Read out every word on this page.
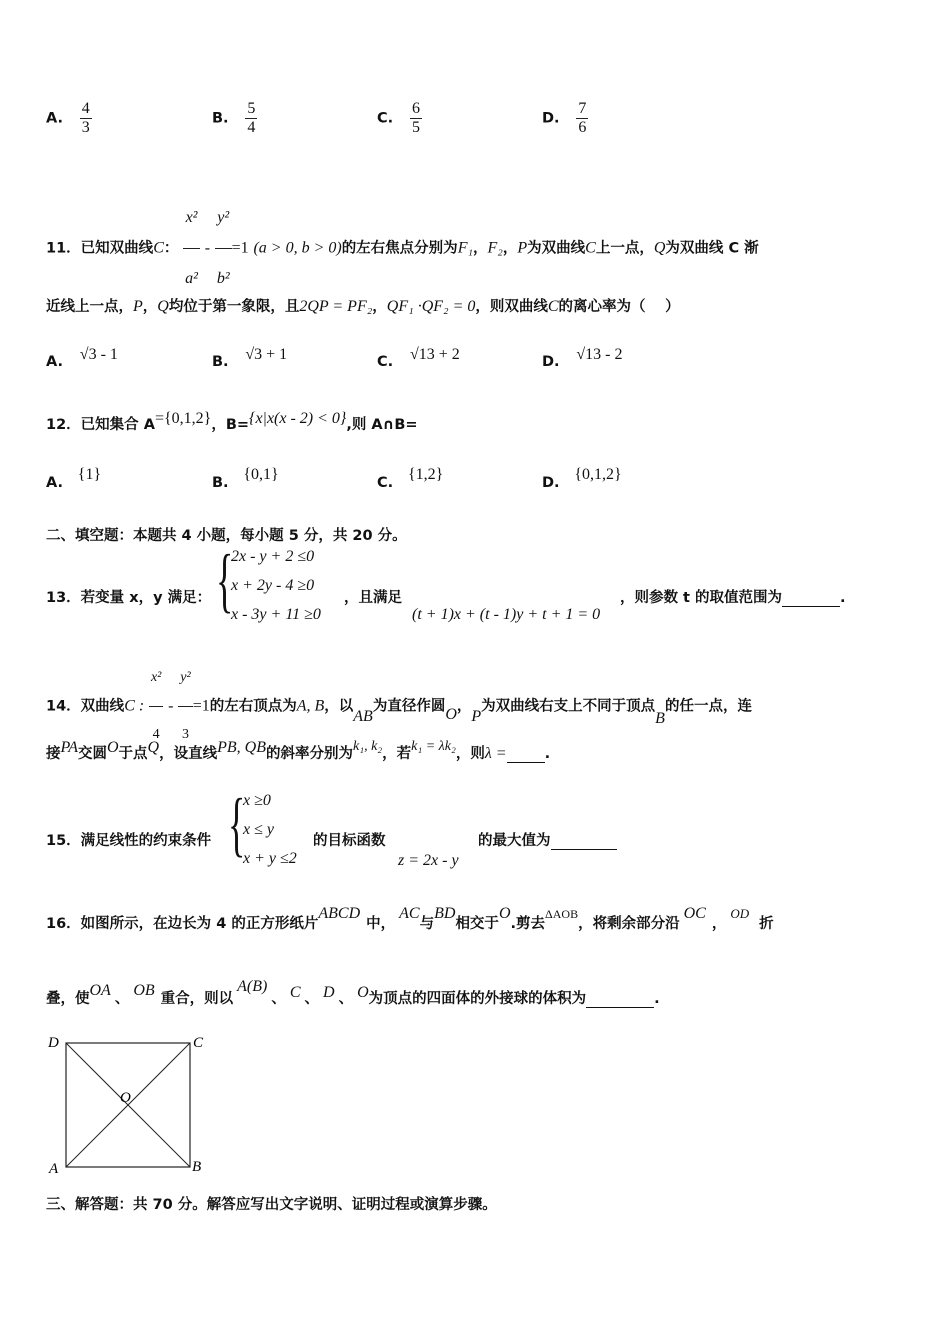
A. $\frac{4}{3}$	B. $\frac{5}{4}$	C. $\frac{6}{5}$	D. $\frac{7}{6}$
11．已知双曲线C： $\frac{\text{x²}}{\text{a²}} - \frac{\text{y²}}{\text{b²}} =1$ (a > 0, b > 0)的左右焦点分别为F₁，F₂，P为双曲线C上一点，Q为双曲线 C 渐
近线上一点，P，Q均位于第一象限，且2QP = PF₂，QF₁ ·QF₂ = 0，则双曲线C的离心率为（　 ）
A. √3 - 1	B. √3 + 1	C. √13 + 2	D. √13 - 2
12．已知集合 A={0,1,2}，B={x|x(x - 2) < 0},则 A∩B=
A. {1}	B. {0,1}	C. {1,2}	D. {0,1,2}
二、填空题：本题共 4 小题，每小题 5 分，共 20 分。
13．若变量 x，y 满足： {
2x - y + 2 ≤0
x + 2y - 4 ≥0
x - 3y + 11 ≥0
，且满足
(t + 1)x + (t - 1)y + t + 1 = 0
，则参数 t 的取值范围为	.
14．双曲线C : $\frac{\text{x²}}{4} - \frac{\text{y²}}{3} =1$的左右顶点为A, B，以AB为直径作圆O，P为双曲线右支上不同于顶点B的任一点，连
接PA交圆O于点Q，设直线PB, QB的斜率分别为k₁, k₂，若k₁ = λk₂，则λ =	.
15．满足线性的约束条件 {
x ≥0
x ≤ y
x + y ≤2
的目标函数
z = 2x - y
的最大值为
16．如图所示，在边长为 4 的正方形纸片ABCD中，AC与BD相交于O.剪去$^{\Delta AOB}$，将剩余部分沿OC，OD折
叠，使OA 、 OB 重合，则以A(B)、 C 、 D 、 O为顶点的四面体的外接球的体积为	.
D	C
O
A	B
三、解答题：共 70 分。解答应写出文字说明、证明过程或演算步骤。
